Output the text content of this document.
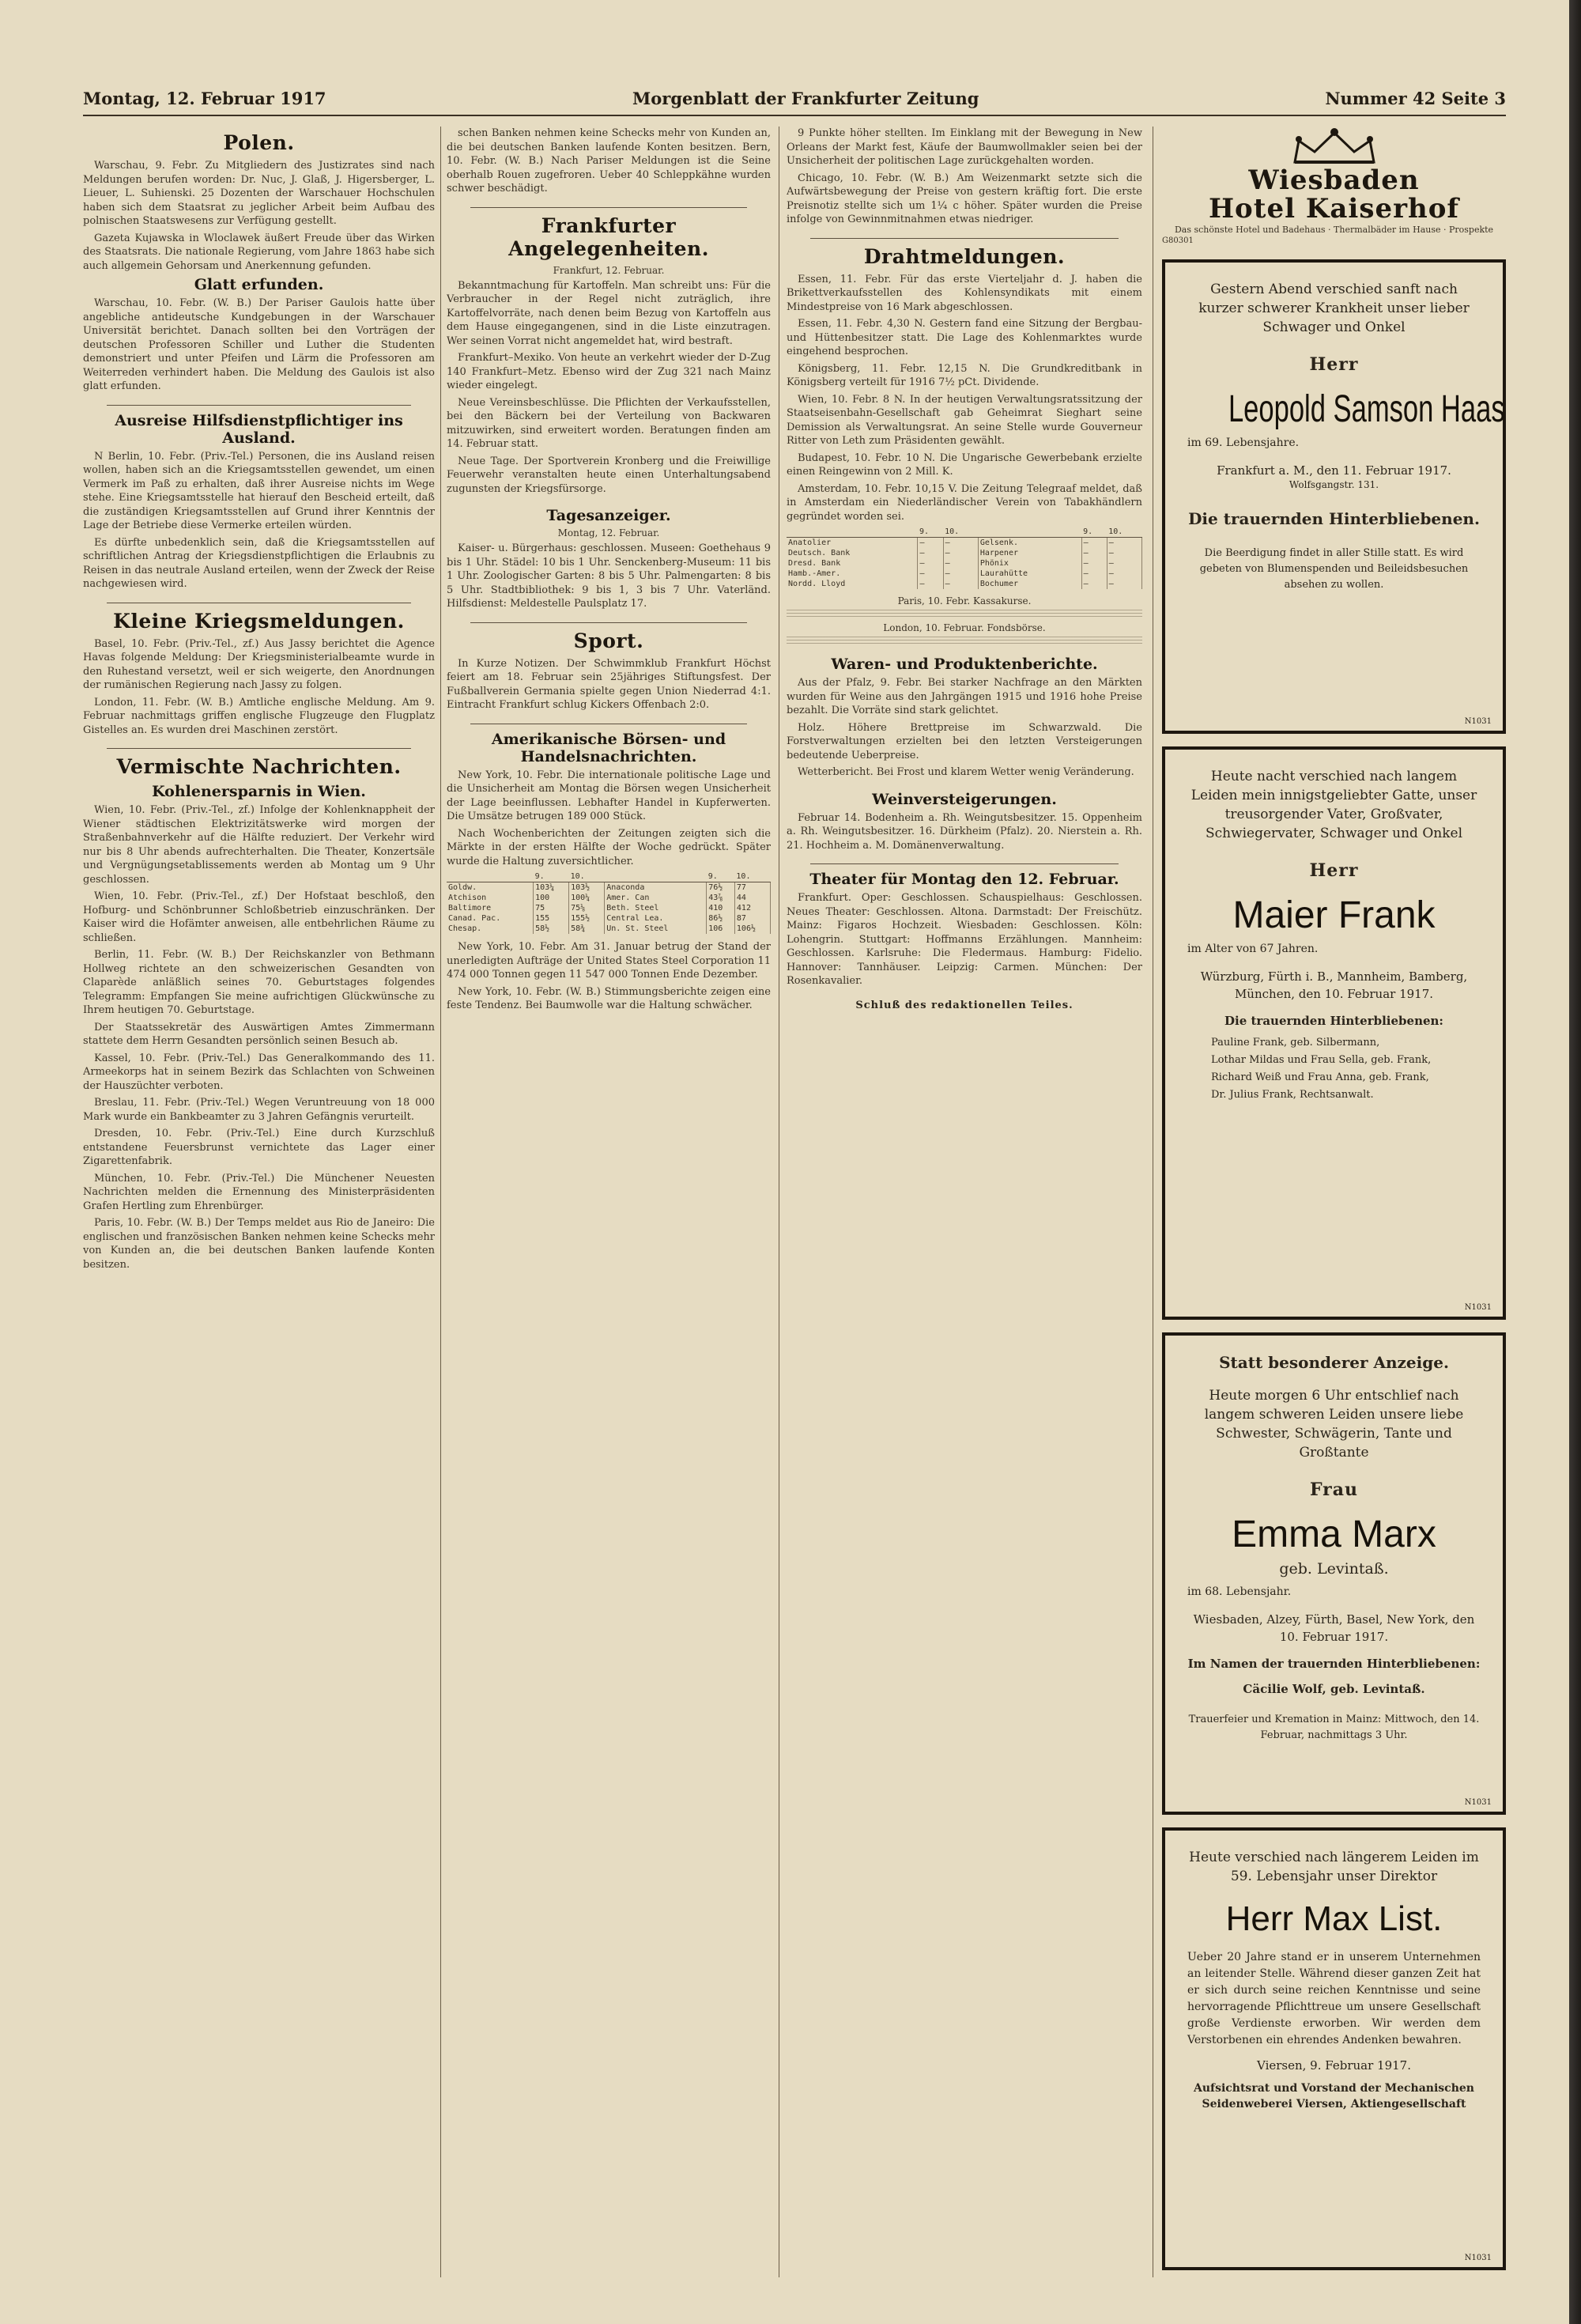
Montag, 12. Februar 1917	Morgenblatt der Frankfurter Zeitung	Nummer 42 Seite 3
Polen.

Warschau, 9. Febr. Zu Mitgliedern des Justizrates sind nach Meldungen berufen worden: Dr. Nuc, J. Glaß, J. Higersberger, L. Lieuer, L. Suhienski. 25 Dozenten der Warschauer Hochschulen haben sich dem Staatsrat zu jeglicher Arbeit beim Aufbau des polnischen Staatswesens zur Verfügung gestellt.

Gazeta Kujawska in Wloclawek äußert Freude über das Wirken des Staatsrats. Die nationale Regierung, vom Jahre 1863 habe sich auch allgemein Gehorsam und Anerkennung gefunden.

Glatt erfunden.

Warschau, 10. Febr. (W. B.) Der Pariser Gaulois hatte über angebliche antideutsche Kundgebungen in der Warschauer Universität berichtet. Danach sollten bei den Vorträgen der deutschen Professoren Schiller und Luther die Studenten demonstriert und unter Pfeifen und Lärm die Professoren am Weiterreden verhindert haben. Die Meldung des Gaulois ist also glatt erfunden.

Ausreise Hilfsdienstpflichtiger ins Ausland.

N Berlin, 10. Febr. (Priv.-Tel.) Personen, die ins Ausland reisen wollen, haben sich an die Kriegsamtsstellen gewendet, um einen Vermerk im Paß zu erhalten, daß ihrer Ausreise nichts im Wege stehe. Eine Kriegsamtsstelle hat hierauf den Bescheid erteilt, daß die zuständigen Kriegsamtsstellen auf Grund ihrer Kenntnis der Lage der Betriebe diese Vermerke erteilen würden.

Es dürfte unbedenklich sein, daß die Kriegsamtsstellen auf schriftlichen Antrag der Kriegsdienstpflichtigen die Erlaubnis zu Reisen in das neutrale Ausland erteilen, wenn der Zweck der Reise nachgewiesen wird.

Kleine Kriegsmeldungen.

Basel, 10. Febr. (Priv.-Tel., zf.) Aus Jassy berichtet die Agence Havas folgende Meldung: Der Kriegsministerialbeamte wurde in den Ruhestand versetzt, weil er sich weigerte, den Anordnungen der rumänischen Regierung nach Jassy zu folgen.

London, 11. Febr. (W. B.) Amtliche englische Meldung. Am 9. Februar nachmittags griffen englische Flugzeuge den Flugplatz Gistelles an. Es wurden drei Maschinen zerstört.

Vermischte Nachrichten.
Kohlenersparnis in Wien.

Wien, 10. Febr. (Priv.-Tel., zf.) Infolge der Kohlenknappheit der Wiener städtischen Elektrizitätswerke wird morgen der Straßenbahnverkehr auf die Hälfte reduziert. Der Verkehr wird nur bis 8 Uhr abends aufrechterhalten. Die Theater, Konzertsäle und Vergnügungsetablissements werden ab Montag um 9 Uhr geschlossen.

Wien, 10. Febr. (Priv.-Tel., zf.) Der Hofstaat beschloß, den Hofburg- und Schönbrunner Schloßbetrieb einzuschränken. Der Kaiser wird die Hofämter anweisen, alle entbehrlichen Räume zu schließen.

Berlin, 11. Febr. (W. B.) Der Reichskanzler von Bethmann Hollweg richtete an den schweizerischen Gesandten von Claparède anläßlich seines 70. Geburtstages folgendes Telegramm: Empfangen Sie meine aufrichtigen Glückwünsche zu Ihrem heutigen 70. Geburtstage.

Der Staatssekretär des Auswärtigen Amtes Zimmermann stattete dem Herrn Gesandten persönlich seinen Besuch ab.

Kassel, 10. Febr. (Priv.-Tel.) Das Generalkommando des 11. Armeekorps hat in seinem Bezirk das Schlachten von Schweinen der Hauszüchter verboten.

Breslau, 11. Febr. (Priv.-Tel.) Wegen Veruntreuung von 18 000 Mark wurde ein Bankbeamter zu 3 Jahren Gefängnis verurteilt.

Dresden, 10. Febr. (Priv.-Tel.) Eine durch Kurzschluß entstandene Feuersbrunst vernichtete das Lager einer Zigarettenfabrik.

München, 10. Febr. (Priv.-Tel.) Die Münchener Neuesten Nachrichten melden die Ernennung des Ministerpräsidenten Grafen Hertling zum Ehrenbürger.

Paris, 10. Febr. (W. B.) Der Temps meldet aus Rio de Janeiro: Die englischen und französischen Banken nehmen keine Schecks mehr von Kunden an, die bei deutschen Banken laufende Konten besitzen.

schen Banken nehmen keine Schecks mehr von Kunden an, die bei deutschen Banken laufende Konten besitzen. Bern, 10. Febr. (W. B.) Nach Pariser Meldungen ist die Seine oberhalb Rouen zugefroren. Ueber 40 Schleppkähne wurden schwer beschädigt.

Frankfurter Angelegenheiten.
Frankfurt, 12. Februar.

Bekanntmachung für Kartoffeln. Man schreibt uns: Für die Verbraucher in der Regel nicht zuträglich, ihre Kartoffelvorräte, nach denen beim Bezug von Kartoffeln aus dem Hause eingegangenen, sind in die Liste einzutragen. Wer seinen Vorrat nicht angemeldet hat, wird bestraft.

Frankfurt–Mexiko. Von heute an verkehrt wieder der D-Zug 140 Frankfurt–Metz. Ebenso wird der Zug 321 nach Mainz wieder eingelegt.

Neue Vereinsbeschlüsse. Die Pflichten der Verkaufsstellen, bei den Bäckern bei der Verteilung von Backwaren mitzuwirken, sind erweitert worden. Beratungen finden am 14. Februar statt.

Neue Tage. Der Sportverein Kronberg und die Freiwillige Feuerwehr veranstalten heute einen Unterhaltungsabend zugunsten der Kriegsfürsorge.

Tagesanzeiger.
Montag, 12. Februar.

Kaiser- u. Bürgerhaus: geschlossen. Museen: Goethehaus 9 bis 1 Uhr. Städel: 10 bis 1 Uhr. Senckenberg-Museum: 11 bis 1 Uhr. Zoologischer Garten: 8 bis 5 Uhr. Palmengarten: 8 bis 5 Uhr. Stadtbibliothek: 9 bis 1, 3 bis 7 Uhr. Vaterländ. Hilfsdienst: Meldestelle Paulsplatz 17.

Sport.

In Kurze Notizen. Der Schwimmklub Frankfurt Höchst feiert am 18. Februar sein 25jähriges Stiftungsfest. Der Fußballverein Germania spielte gegen Union Niederrad 4:1. Eintracht Frankfurt schlug Kickers Offenbach 2:0.

Amerikanische Börsen- und Handelsnachrichten.

New York, 10. Febr. Die internationale politische Lage und die Unsicherheit am Montag die Börsen wegen Unsicherheit der Lage beeinflussen. Lebhafter Handel in Kupferwerten. Die Umsätze betrugen 189 000 Stück.

Nach Wochenberichten der Zeitungen zeigten sich die Märkte in der ersten Hälfte der Woche gedrückt. Später wurde die Haltung zuversichtlicher.

	9.	10.		9.	10.
Goldw.	103¼	103½	Anaconda	76½	77
Atchison	100	100¼	Amer. Can	43⅞	44
Baltimore	75	75⅛	Beth. Steel	410	412
Canad. Pac.	155	155½	Central Lea.	86½	87
Chesap.	58½	58¾	Un. St. Steel	106	106½

New York, 10. Febr. Am 31. Januar betrug der Stand der unerledigten Aufträge der United States Steel Corporation 11 474 000 Tonnen gegen 11 547 000 Tonnen Ende Dezember.

New York, 10. Febr. (W. B.) Stimmungsberichte zeigen eine feste Tendenz. Bei Baumwolle war die Haltung schwächer.

9 Punkte höher stellten. Im Einklang mit der Bewegung in New Orleans der Markt fest, Käufe der Baumwollmakler seien bei der Unsicherheit der politischen Lage zurückgehalten worden.

Chicago, 10. Febr. (W. B.) Am Weizenmarkt setzte sich die Aufwärtsbewegung der Preise von gestern kräftig fort. Die erste Preisnotiz stellte sich um 1¼ c höher. Später wurden die Preise infolge von Gewinnmitnahmen etwas niedriger.

Drahtmeldungen.

Essen, 11. Febr. Für das erste Vierteljahr d. J. haben die Brikettverkaufsstellen des Kohlensyndikats mit einem Mindestpreise von 16 Mark abgeschlossen.

Essen, 11. Febr. 4,30 N. Gestern fand eine Sitzung der Bergbau- und Hüttenbesitzer statt. Die Lage des Kohlenmarktes wurde eingehend besprochen.

Königsberg, 11. Febr. 12,15 N. Die Grundkreditbank in Königsberg verteilt für 1916 7½ pCt. Dividende.

Wien, 10. Febr. 8 N. In der heutigen Verwaltungsratssitzung der Staatseisenbahn-Gesellschaft gab Geheimrat Sieghart seine Demission als Verwaltungsrat. An seine Stelle wurde Gouverneur Ritter von Leth zum Präsidenten gewählt.

Budapest, 10. Febr. 10 N. Die Ungarische Gewerbebank erzielte einen Reingewinn von 2 Mill. K.

Amsterdam, 10. Febr. 10,15 V. Die Zeitung Telegraaf meldet, daß in Amsterdam ein Niederländischer Verein von Tabakhändlern gegründet worden sei.

	9.	10.		9.	10.
Anatolier	—	—	Gelsenk.	—	—
Deutsch. Bank	—	—	Harpener	—	—
Dresd. Bank	—	—	Phönix	—	—
Hamb.-Amer.	—	—	Laurahütte	—	—
Nordd. Lloyd	—	—	Bochumer	—	—
Paris, 10. Febr. Kassakurse.
London, 10. Februar. Fondsbörse.
Waren- und Produktenberichte.

Aus der Pfalz, 9. Febr. Bei starker Nachfrage an den Märkten wurden für Weine aus den Jahrgängen 1915 und 1916 hohe Preise bezahlt. Die Vorräte sind stark gelichtet.

Holz. Höhere Brettpreise im Schwarzwald. Die Forstverwaltungen erzielten bei den letzten Versteigerungen bedeutende Ueberpreise.

Wetterbericht. Bei Frost und klarem Wetter wenig Veränderung.

Weinversteigerungen.

Februar 14. Bodenheim a. Rh. Weingutsbesitzer. 15. Oppenheim a. Rh. Weingutsbesitzer. 16. Dürkheim (Pfalz). 20. Nierstein a. Rh. 21. Hochheim a. M. Domänenverwaltung.

Theater für Montag den 12. Februar.

Frankfurt. Oper: Geschlossen. Schauspielhaus: Geschlossen. Neues Theater: Geschlossen. Altona. Darmstadt: Der Freischütz. Mainz: Figaros Hochzeit. Wiesbaden: Geschlossen. Köln: Lohengrin. Stuttgart: Hoffmanns Erzählungen. Mannheim: Geschlossen. Karlsruhe: Die Fledermaus. Hamburg: Fidelio. Hannover: Tannhäuser. Leipzig: Carmen. München: Der Rosenkavalier.

Schluß des redaktionellen Teiles.
Wiesbaden
Hotel Kaiserhof
Das schönste Hotel und Badehaus · Thermalbäder im Hause · Prospekte
G80301
Gestern Abend verschied sanft nach kurzer schwerer Krankheit unser lieber Schwager und Onkel
Herr
Leopold Samson Haas
im 69. Lebensjahre.
Frankfurt a. M., den 11. Februar 1917.
Wolfsgangstr. 131.
Die trauernden Hinterbliebenen.
Die Beerdigung findet in aller Stille statt. Es wird gebeten von Blumenspenden und Beileidsbesuchen absehen zu wollen.
N1031
Heute nacht verschied nach langem Leiden mein innigstgeliebter Gatte, unser treusorgender Vater, Großvater, Schwiegervater, Schwager und Onkel
Herr
Maier Frank
im Alter von 67 Jahren.
Würzburg, Fürth i. B., Mannheim, Bamberg, München, den 10. Februar 1917.
Die trauernden Hinterbliebenen:
Pauline Frank, geb. Silbermann,
Lothar Mildas und Frau Sella, geb. Frank,
Richard Weiß und Frau Anna, geb. Frank,
Dr. Julius Frank, Rechtsanwalt.
N1031
Statt besonderer Anzeige.
Heute morgen 6 Uhr entschlief nach langem schweren Leiden unsere liebe Schwester, Schwägerin, Tante und Großtante
Frau
Emma Marx
geb. Levintaß.
im 68. Lebensjahr.
Wiesbaden, Alzey, Fürth, Basel, New York, den 10. Februar 1917.
Im Namen der trauernden Hinterbliebenen:
Cäcilie Wolf, geb. Levintaß.
Trauerfeier und Kremation in Mainz: Mittwoch, den 14. Februar, nachmittags 3 Uhr.
N1031
Heute verschied nach längerem Leiden im 59. Lebensjahr unser Direktor
Herr Max List.
Ueber 20 Jahre stand er in unserem Unternehmen an leitender Stelle. Während dieser ganzen Zeit hat er sich durch seine reichen Kenntnisse und seine hervorragende Pflichttreue um unsere Gesellschaft große Verdienste erworben. Wir werden dem Verstorbenen ein ehrendes Andenken bewahren.
Viersen, 9. Februar 1917.
Aufsichtsrat und Vorstand der Mechanischen Seidenweberei Viersen, Aktiengesellschaft
N1031
